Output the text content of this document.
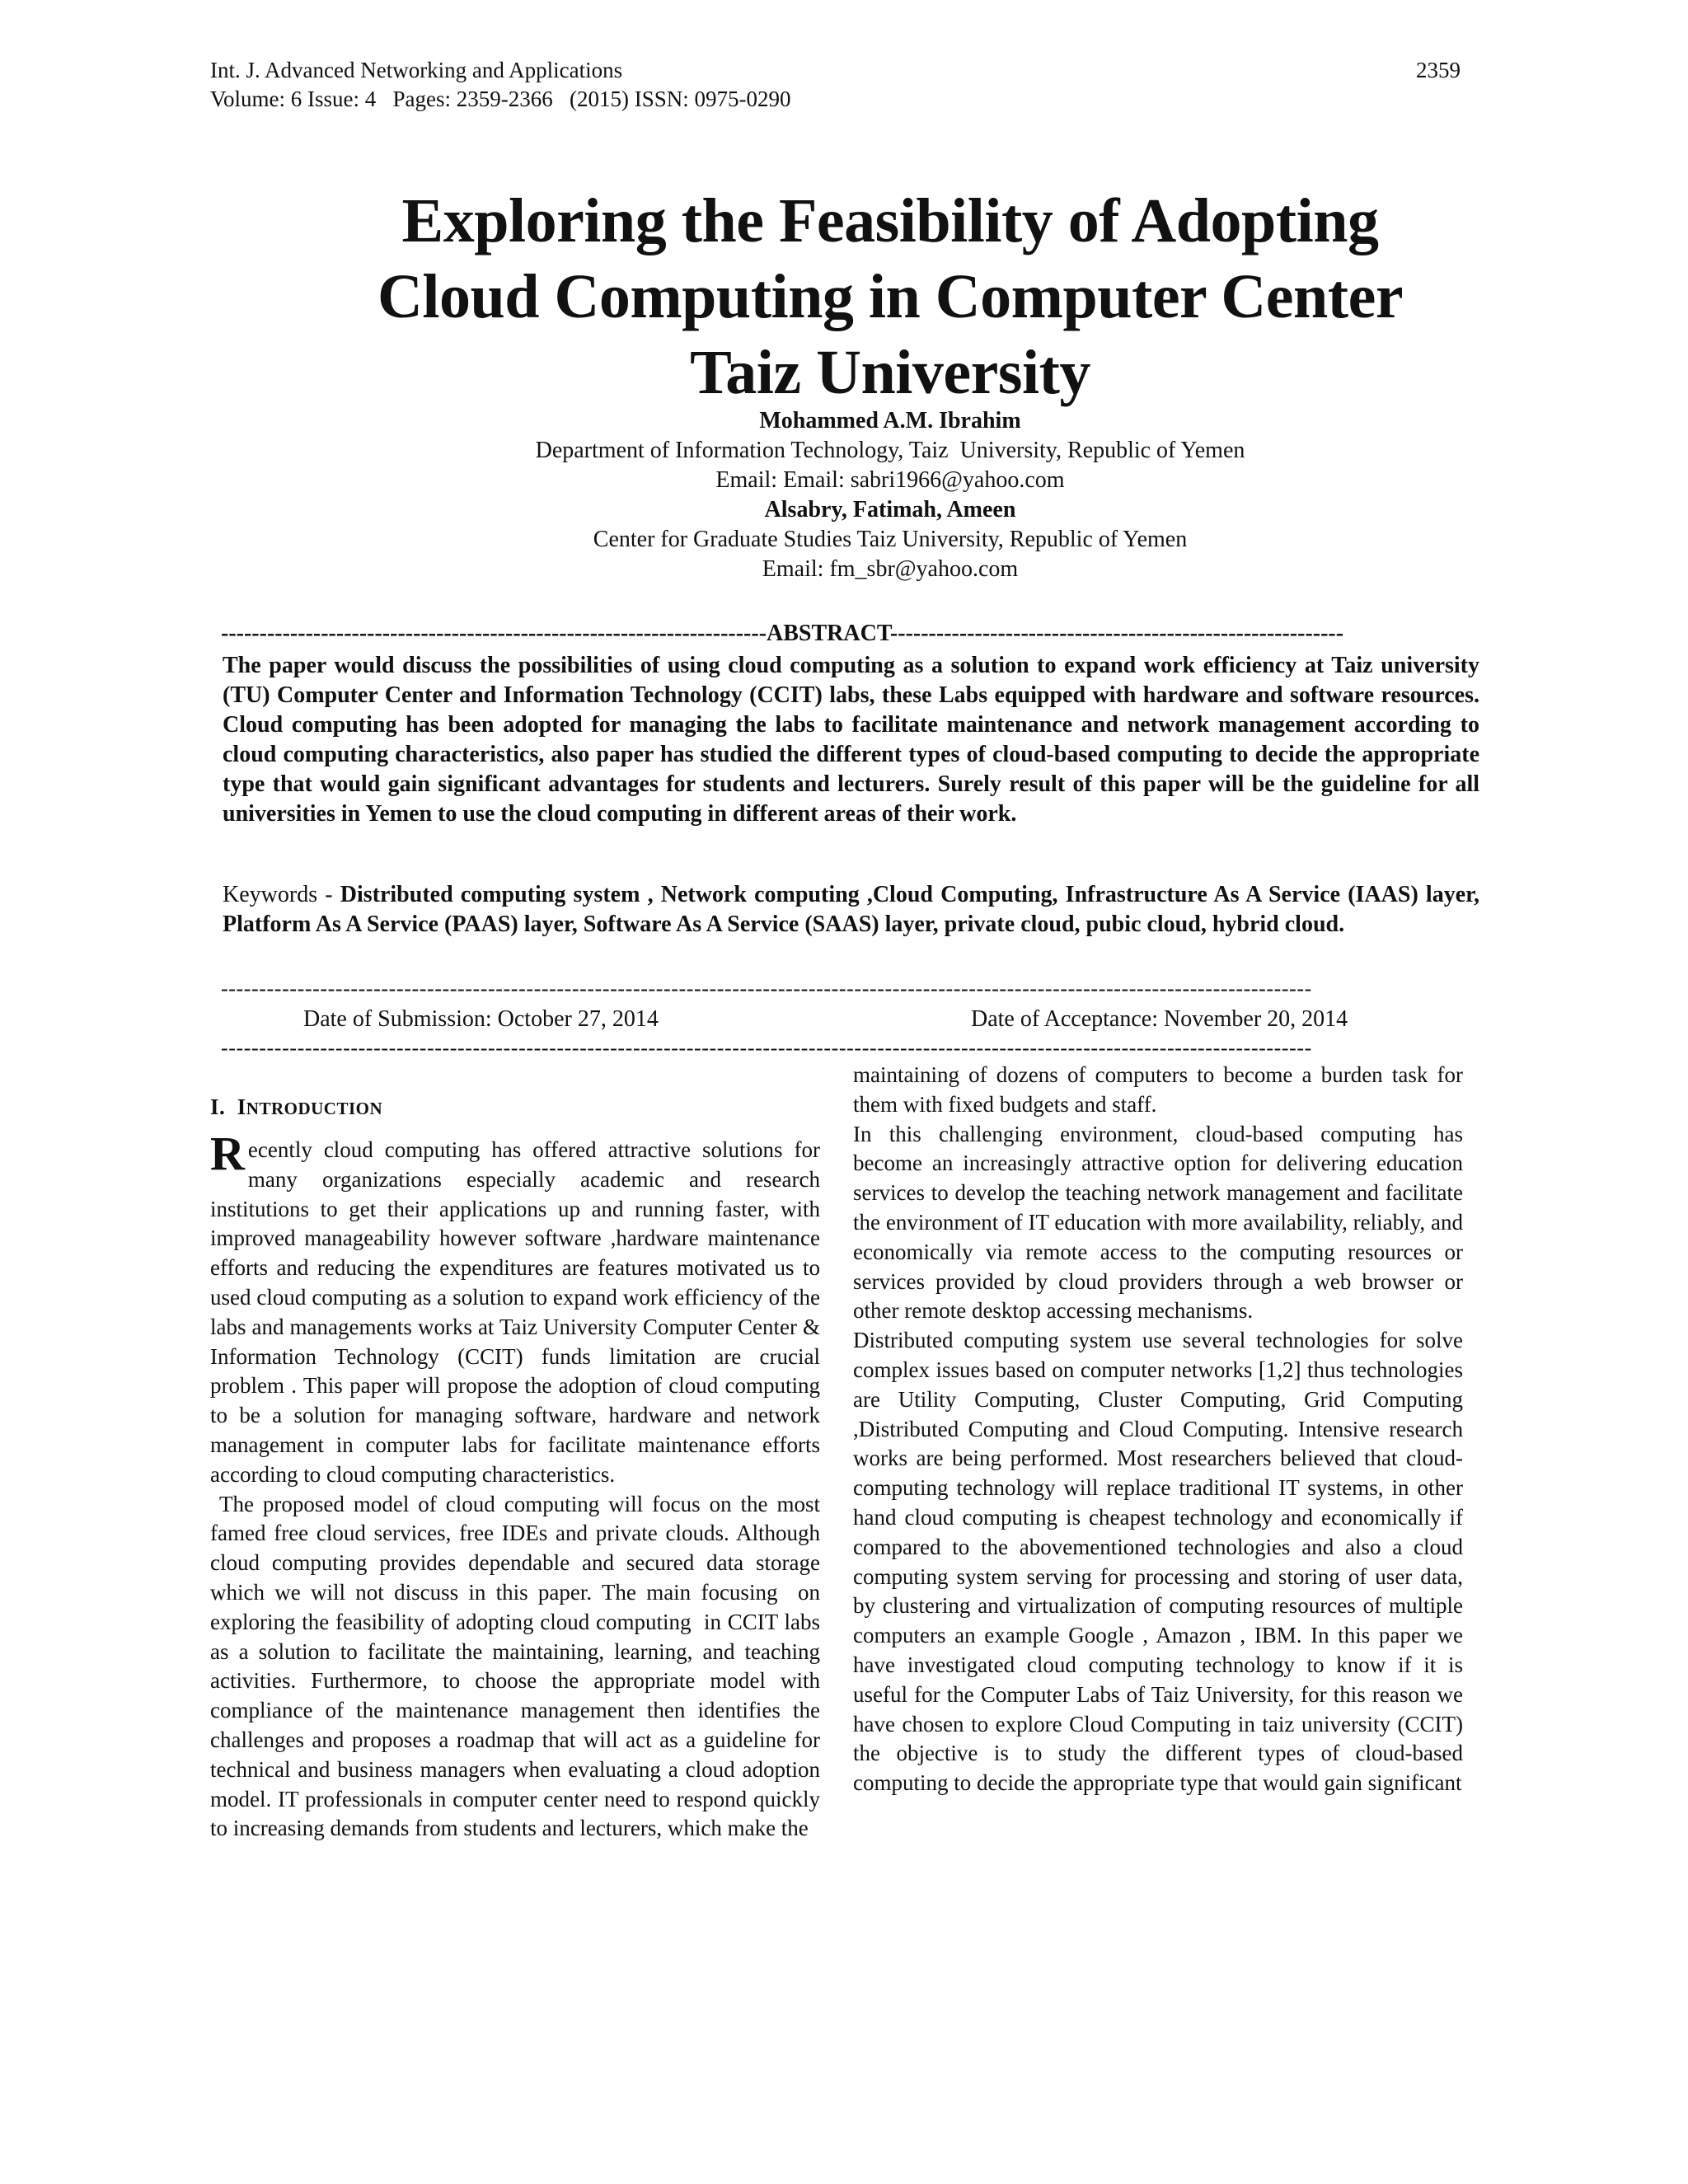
Int. J. Advanced Networking and Applications
Volume: 6 Issue: 4   Pages: 2359-2366   (2015) ISSN: 0975-0290
2359
Exploring the Feasibility of Adopting
Cloud Computing in Computer Center
Taiz University
Mohammed A.M. Ibrahim
Department of Information Technology, Taiz  University, Republic of Yemen
Email: Email: sabri1966@yahoo.com
Alsabry, Fatimah, Ameen
Center for Graduate Studies Taiz University, Republic of Yemen
Email: fm_sbr@yahoo.com
-----------------------------------------------------------------------ABSTRACT-----------------------------------------------------------
The paper would discuss the possibilities of using cloud computing as a solution to expand work efficiency at Taiz university (TU) Computer Center and Information Technology (CCIT) labs, these Labs equipped with hardware and software resources. Cloud computing has been adopted for managing the labs to facilitate maintenance and network management according to cloud computing characteristics, also paper has studied the different types of cloud-based computing to decide the appropriate type that would gain significant advantages for students and lecturers. Surely result of this paper will be the guideline for all universities in Yemen to use the cloud computing in different areas of their work.
Keywords - Distributed computing system , Network computing ,Cloud Computing, Infrastructure As A Service (IAAS) layer, Platform As A Service (PAAS) layer, Software As A Service (SAAS) layer, private cloud, pubic cloud, hybrid cloud.
-----------------------------------------------------------------------------------------------------------------------------------------------
Date of Submission: October 27, 2014	Date of Acceptance: November 20, 2014
-----------------------------------------------------------------------------------------------------------------------------------------------
I. INTRODUCTION

Recently cloud computing has offered attractive solutions for many organizations especially academic and research institutions to get their applications up and running faster, with improved manageability however software ,hardware maintenance efforts and reducing the expenditures are features motivated us to used cloud computing as a solution to expand work efficiency of the labs and managements works at Taiz University Computer Center & Information Technology (CCIT) funds limitation are crucial problem . This paper will propose the adoption of cloud computing to be a solution for managing software, hardware and network management in computer labs for facilitate maintenance efforts according to cloud computing characteristics.

The proposed model of cloud computing will focus on the most famed free cloud services, free IDEs and private clouds. Although cloud computing provides dependable and secured data storage which we will not discuss in this paper. The main focusing  on exploring the feasibility of adopting cloud computing  in CCIT labs as a solution to facilitate the maintaining, learning, and teaching activities. Furthermore, to choose the appropriate model with compliance of the maintenance management then identifies the challenges and proposes a roadmap that will act as a guideline for technical and business managers when evaluating a cloud adoption model. IT professionals in computer center need to respond quickly to increasing demands from students and lecturers, which make the

maintaining of dozens of computers to become a burden task for them with fixed budgets and staff.

In this challenging environment, cloud-based computing has become an increasingly attractive option for delivering education services to develop the teaching network management and facilitate the environment of IT education with more availability, reliably, and economically via remote access to the computing resources or services provided by cloud providers through a web browser or other remote desktop accessing mechanisms.

Distributed computing system use several technologies for solve complex issues based on computer networks [1,2] thus technologies are Utility Computing, Cluster Computing, Grid Computing ,Distributed Computing and Cloud Computing. Intensive research works are being performed. Most researchers believed that cloud-computing technology will replace traditional IT systems, in other hand cloud computing is cheapest technology and economically if compared to the abovementioned technologies and also a cloud computing system serving for processing and storing of user data, by clustering and virtualization of computing resources of multiple computers an example Google , Amazon , IBM. In this paper we have investigated cloud computing technology to know if it is useful for the Computer Labs of Taiz University, for this reason we have chosen to explore Cloud Computing in taiz university (CCIT) the objective is to study the different types of cloud-based computing to decide the appropriate type that would gain significant
